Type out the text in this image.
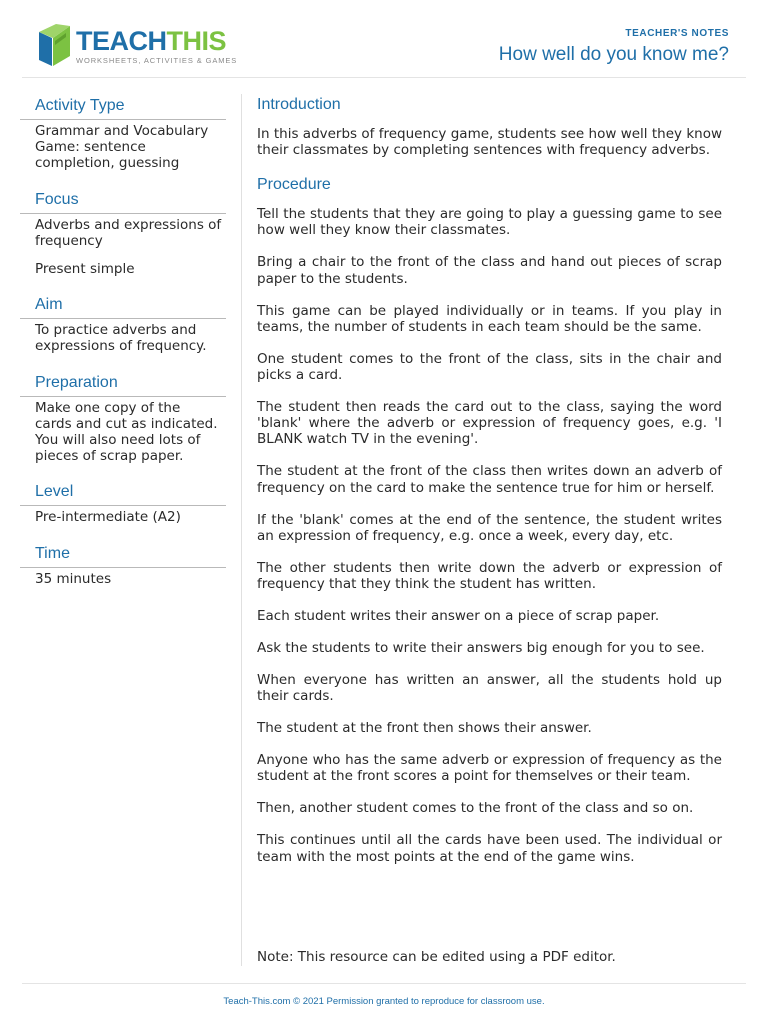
TEACHTHIS
WORKSHEETS, ACTIVITIES & GAMES
TEACHER'S NOTES
How well do you know me?
Activity Type

Grammar and Vocabulary Game: sentence completion, guessing

Focus

Adverbs and expressions of frequency

Present simple

Aim

To practice adverbs and expressions of frequency.

Preparation

Make one copy of the cards and cut as indicated. You will also need lots of pieces of scrap paper.

Level

Pre-intermediate (A2)

Time

35 minutes

Introduction

In this adverbs of frequency game, students see how well they know their classmates by completing sentences with frequency adverbs.

Procedure

Tell the students that they are going to play a guessing game to see how well they know their classmates.

Bring a chair to the front of the class and hand out pieces of scrap paper to the students.

This game can be played individually or in teams. If you play in teams, the number of students in each team should be the same.

One student comes to the front of the class, sits in the chair and picks a card.

The student then reads the card out to the class, saying the word 'blank' where the adverb or expression of frequency goes, e.g. 'I BLANK watch TV in the evening'.

The student at the front of the class then writes down an adverb of frequency on the card to make the sentence true for him or herself.

If the 'blank' comes at the end of the sentence, the student writes an expression of frequency, e.g. once a week, every day, etc.

The other students then write down the adverb or expression of frequency that they think the student has written.

Each student writes their answer on a piece of scrap paper.

Ask the students to write their answers big enough for you to see.

When everyone has written an answer, all the students hold up their cards.

The student at the front then shows their answer.

Anyone who has the same adverb or expression of frequency as the student at the front scores a point for themselves or their team.

Then, another student comes to the front of the class and so on.

This continues until all the cards have been used. The individual or team with the most points at the end of the game wins.

Note: This resource can be edited using a PDF editor.
Teach-This.com © 2021 Permission granted to reproduce for classroom use.
